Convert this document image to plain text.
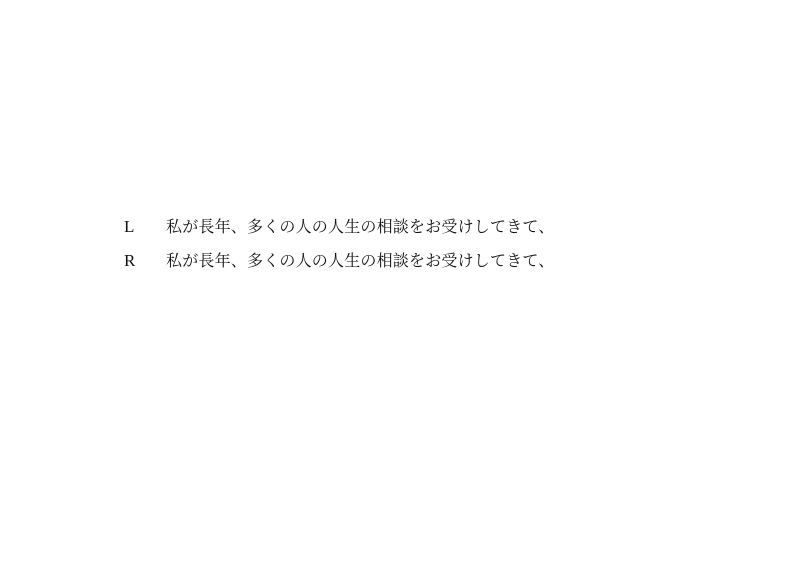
L	私が長年、多くの人の人生の相談をお受けしてきて、
R	私が長年、多くの人の人生の相談をお受けしてきて、
